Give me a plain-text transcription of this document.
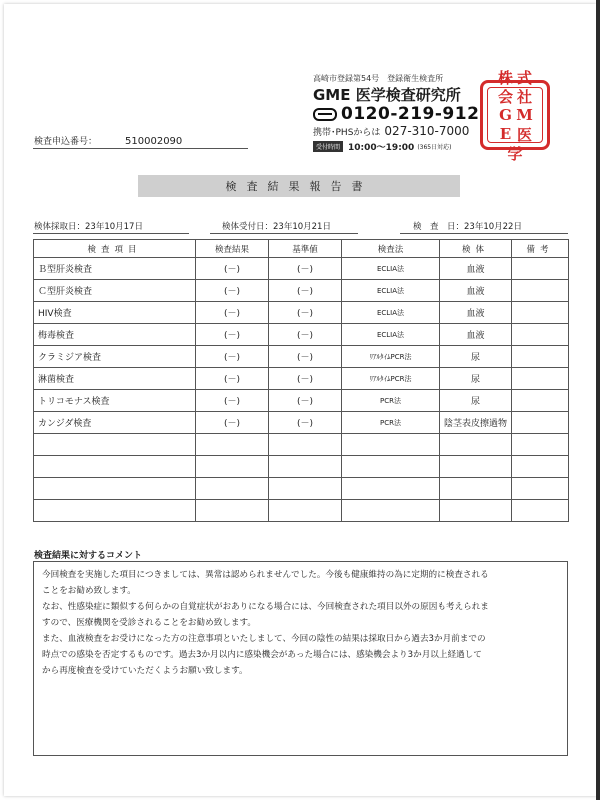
高崎市登録第54号　登録衛生検査所
GME 医学検査研究所
0120-219-912
携帯･PHSからは 027-310-7000
受付時間 10:00～19:00 (365日対応)
株 式
会 社
G M
E 医
学
検査申込番号：	510002090
検査結果報告書
検体採取日：23年10月17日	検体受付日：23年10月21日	検　査　日：23年10月22日
検査項目	検査結果	基準値	検査法	検体	備考
Ｂ型肝炎検査	(－)	(－)	ECLIA法	血液	
Ｃ型肝炎検査	(－)	(－)	ECLIA法	血液	
HIV検査	(－)	(－)	ECLIA法	血液	
梅毒検査	(－)	(－)	ECLIA法	血液	
クラミジア検査	(－)	(－)	ﾘｱﾙﾀｲﾑPCR法	尿	
淋菌検査	(－)	(－)	ﾘｱﾙﾀｲﾑPCR法	尿	
トリコモナス検査	(－)	(－)	PCR法	尿	
カンジダ検査	(－)	(－)	PCR法	陰茎表皮擦過物	

検査結果に対するコメント

今回検査を実施した項目につきましては、異常は認められませんでした。今後も健康維持の為に定期的に検査される

ことをお勧め致します。

なお、性感染症に類似する何らかの自覚症状がおありになる場合には、今回検査された項目以外の原因も考えられま

すので、医療機関を受診されることをお勧め致します。

また、血液検査をお受けになった方の注意事項といたしまして、今回の陰性の結果は採取日から過去3か月前までの

時点での感染を否定するものです。過去3か月以内に感染機会があった場合には、感染機会より3か月以上経過して

から再度検査を受けていただくようお願い致します。
